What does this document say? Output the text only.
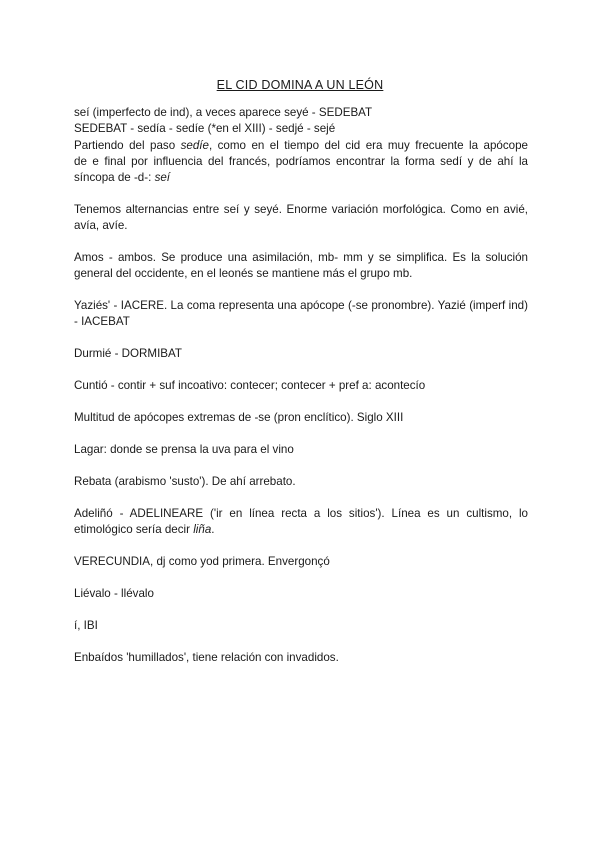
EL CID DOMINA A UN LEÓN
seí (imperfecto de ind), a veces aparece seyé - SEDEBAT
SEDEBAT - sedía - sedíe (*en el XIII) - sedjé - sejé
Partiendo del paso sedíe, como en el tiempo del cid era muy frecuente la apócope
de e final por influencia del francés, podríamos encontrar la forma sedí y de ahí la
síncopa de -d-: seí

Tenemos alternancias entre seí y seyé. Enorme variación morfológica. Como en avié, avía, avíe.

Amos - ambos. Se produce una asimilación, mb- mm y se simplifica. Es la solución general del occidente, en el leonés se mantiene más el grupo mb.

Yaziés' - IACERE. La coma representa una apócope (-se pronombre). Yazié (imperf ind) - IACEBAT

Durmié - DORMIBAT

Cuntió - contir + suf incoativo: contecer; contecer + pref a: acontecío

Multitud de apócopes extremas de -se (pron enclítico). Siglo XIII

Lagar: donde se prensa la uva para el vino

Rebata (arabismo 'susto'). De ahí arrebato.

Adeliñó - ADELINEARE ('ir en línea recta a los sitios'). Línea es un cultismo, lo etimológico sería decir liña.

VERECUNDIA, dj como yod primera. Envergonçó

Liévalo - llévalo

í, IBI

Enbaídos 'humillados', tiene relación con invadidos.
